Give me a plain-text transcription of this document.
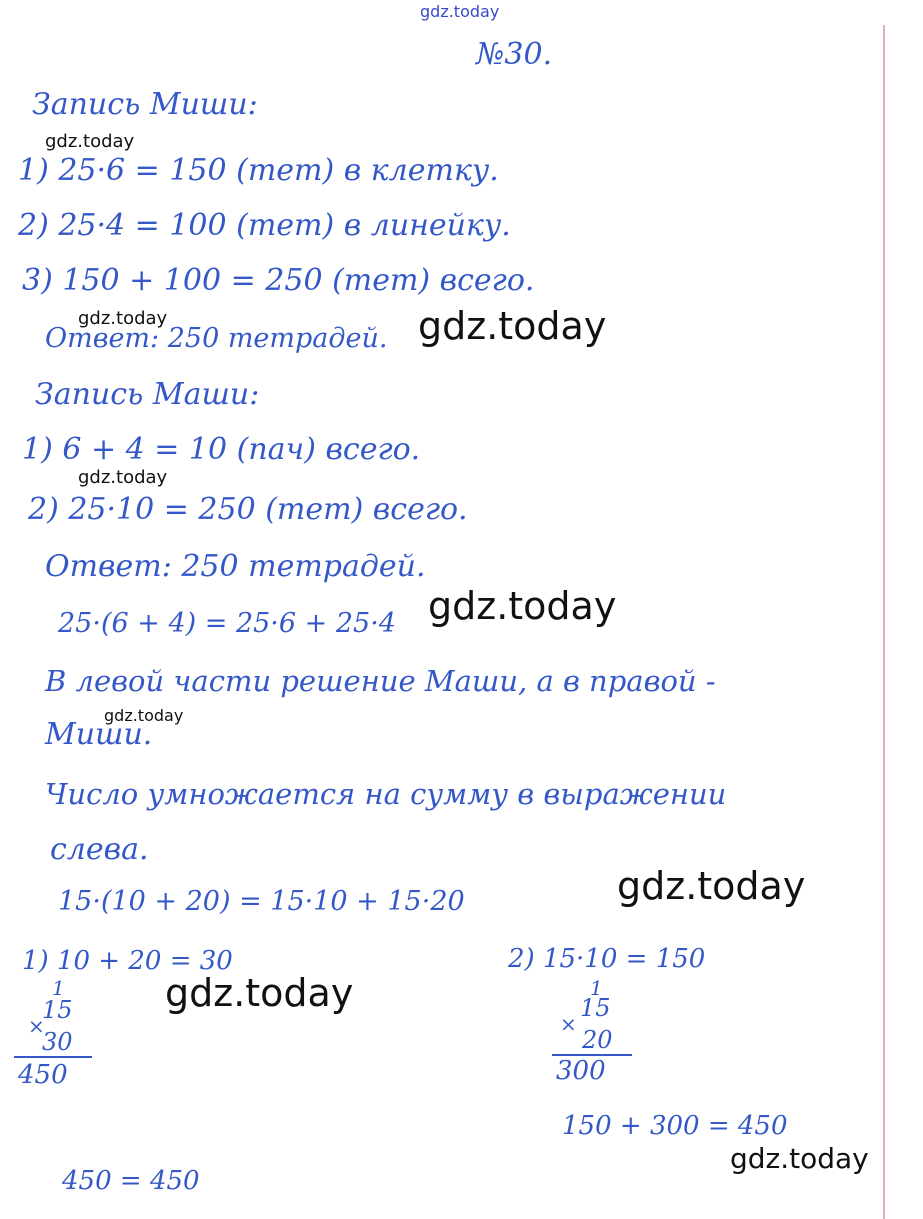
gdz.today
gdz.today
gdz.today
gdz.today
gdz.today
gdz.today
gdz.today
gdz.today
gdz.today
gdz.today
№30.
Запись Миши:
1) 25·6 = 150 (тет) в клетку.
2) 25·4 = 100 (тет) в линейку.
3) 150 + 100 = 250 (тет) всего.
Ответ: 250 тетрадей.
Запись Маши:
1) 6 + 4 = 10 (пач) всего.
2) 25·10 = 250 (тет) всего.
Ответ: 250 тетрадей.
25·(6 + 4) = 25·6 + 25·4
В левой части решение Маши, а в правой -
Миши.
Число умножается на сумму в выражении
слева.
15·(10 + 20) = 15·10 + 15·20
1) 10 + 20 = 30
1
15
×
30
450
2) 15·10 = 150
1
15
×
20
300
150 + 300 = 450
450 = 450
